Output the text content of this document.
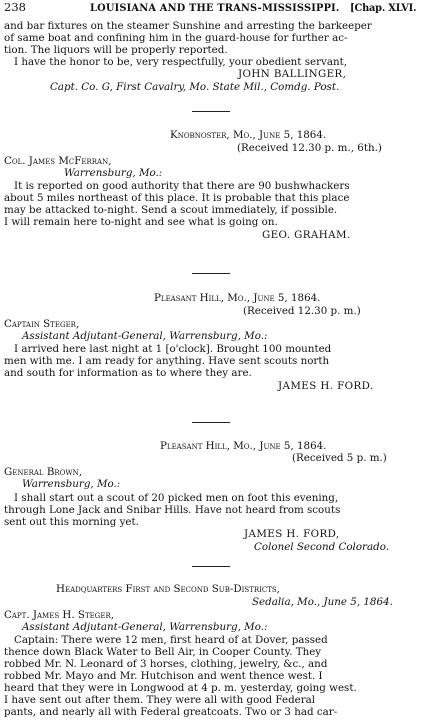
238	LOUISIANA AND THE TRANS-MISSISSIPPI. [Chap. XLVI.
and bar fixtures on the steamer Sunshine and arresting the barkeeper
of same boat and confining him in the guard-house for further ac-
tion. The liquors will be properly reported.
I have the honor to be, very respectfully, your obedient servant,
JOHN BALLINGER,
Capt. Co. G, First Cavalry, Mo. State Mil., Comdg. Post.
Knobnoster, Mo., June 5, 1864.
(Received 12.30 p. m., 6th.)
Col. James McFerran,
Warrensburg, Mo.:
It is reported on good authority that there are 90 bushwhackers
about 5 miles northeast of this place. It is probable that this place
may be attacked to-night. Send a scout immediately, if possible.
I will remain here to-night and see what is going on.
GEO. GRAHAM.
Pleasant Hill, Mo., June 5, 1864.
(Received 12.30 p. m.)
Captain Steger,
Assistant Adjutant-General, Warrensburg, Mo.:
I arrived here last night at 1 [o'clock]. Brought 100 mounted
men with me. I am ready for anything. Have sent scouts north
and south for information as to where they are.
JAMES H. FORD.
Pleasant Hill, Mo., June 5, 1864.
(Received 5 p. m.)
General Brown,
Warrensburg, Mo.:
I shall start out a scout of 20 picked men on foot this evening,
through Lone Jack and Snibar Hills. Have not heard from scouts
sent out this morning yet.
JAMES H. FORD,
Colonel Second Colorado.
Headquarters First and Second Sub-Districts,
Sedalia, Mo., June 5, 1864.
Capt. James H. Steger,
Assistant Adjutant-General, Warrensburg, Mo.:
Captain: There were 12 men, first heard of at Dover, passed
thence down Black Water to Bell Air, in Cooper County. They
robbed Mr. N. Leonard of 3 horses, clothing, jewelry, &c., and
robbed Mr. Mayo and Mr. Hutchison and went thence west. I
heard that they were in Longwood at 4 p. m. yesterday, going west.
I have sent out after them. They were all with good Federal
pants, and nearly all with Federal greatcoats. Two or 3 had car-
